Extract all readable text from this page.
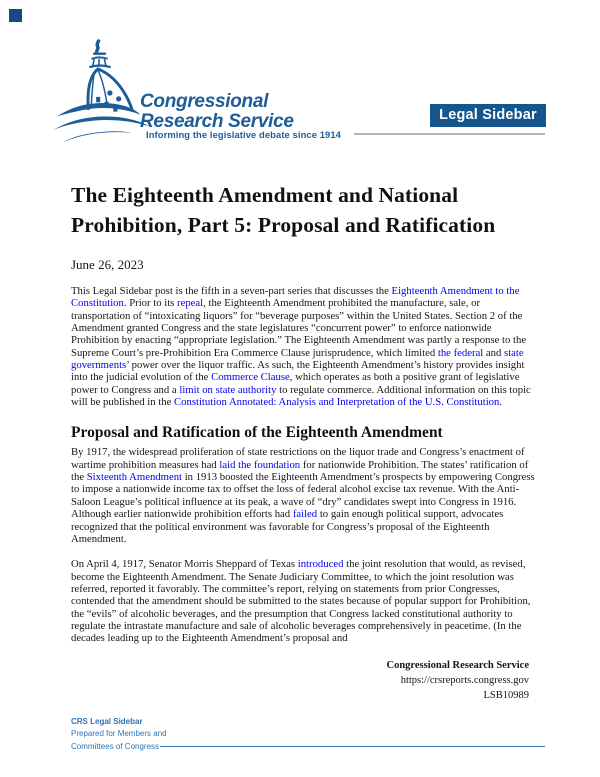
Congressional
Research Service
Informing the legislative debate since 1914
Legal Sidebar
The Eighteenth Amendment and National
Prohibition, Part 5: Proposal and Ratification
June 26, 2023

This Legal Sidebar post is the fifth in a seven-part series that discusses the Eighteenth Amendment to the Constitution. Prior to its repeal, the Eighteenth Amendment prohibited the manufacture, sale, or transportation of “intoxicating liquors” for “beverage purposes” within the United States. Section 2 of the Amendment granted Congress and the state legislatures “concurrent power” to enforce nationwide Prohibition by enacting “appropriate legislation.” The Eighteenth Amendment was partly a response to the Supreme Court’s pre-Prohibition Era Commerce Clause jurisprudence, which limited the federal and state governments’ power over the liquor traffic. As such, the Eighteenth Amendment’s history provides insight into the judicial evolution of the Commerce Clause, which operates as both a positive grant of legislative power to Congress and a limit on state authority to regulate commerce. Additional information on this topic will be published in the Constitution Annotated: Analysis and Interpretation of the U.S. Constitution.

Proposal and Ratification of the Eighteenth Amendment

By 1917, the widespread proliferation of state restrictions on the liquor trade and Congress’s enactment of wartime prohibition measures had laid the foundation for nationwide Prohibition. The states’ ratification of the Sixteenth Amendment in 1913 boosted the Eighteenth Amendment’s prospects by empowering Congress to impose a nationwide income tax to offset the loss of federal alcohol excise tax revenue. With the Anti-Saloon League’s political influence at its peak, a wave of “dry” candidates swept into Congress in 1916. Although earlier nationwide prohibition efforts had failed to gain enough political support, advocates recognized that the political environment was favorable for Congress’s proposal of the Eighteenth Amendment.

On April 4, 1917, Senator Morris Sheppard of Texas introduced the joint resolution that would, as revised, become the Eighteenth Amendment. The Senate Judiciary Committee, to which the joint resolution was referred, reported it favorably. The committee’s report, relying on statements from prior Congresses, contended that the amendment should be submitted to the states because of popular support for Prohibition, the “evils” of alcoholic beverages, and the presumption that Congress lacked constitutional authority to regulate the intrastate manufacture and sale of alcoholic beverages comprehensively in peacetime. (In the decades leading up to the Eighteenth Amendment’s proposal and

Congressional Research Service
https://crsreports.congress.gov
LSB10989
CRS Legal Sidebar
Prepared for Members and
Committees of Congress
